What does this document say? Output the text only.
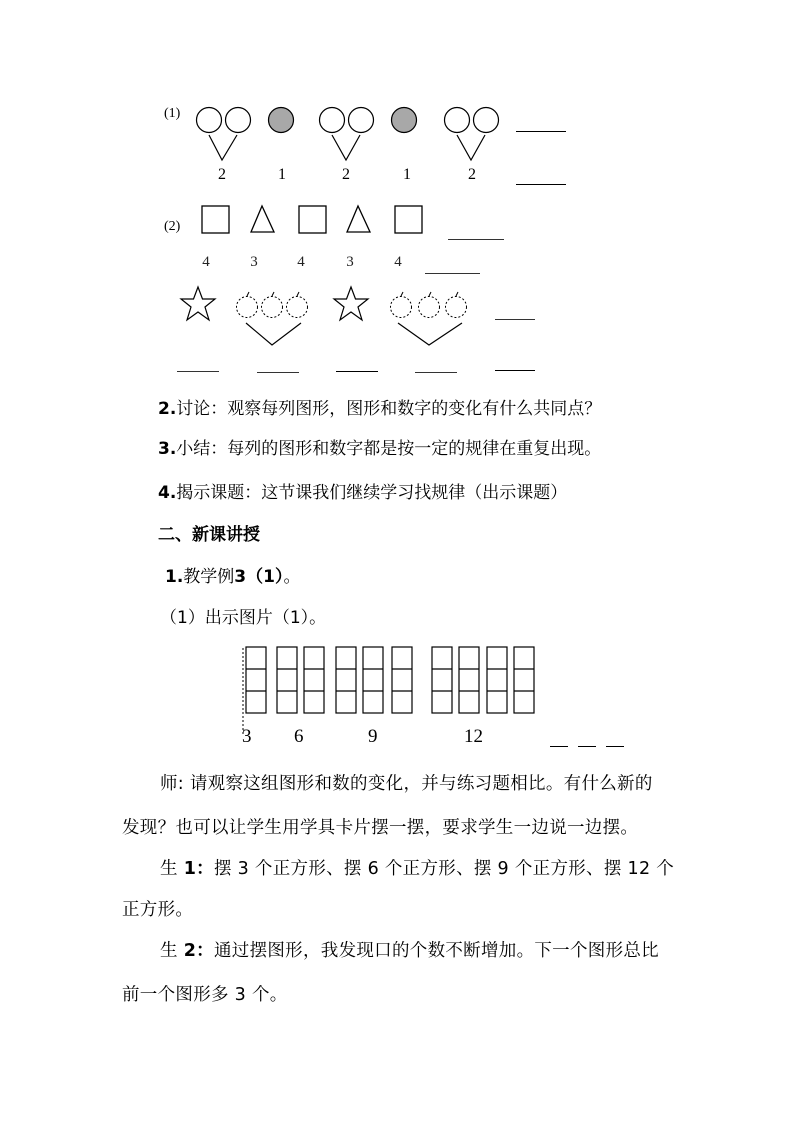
(1)
2	1	2	1	2
(2)
4	3	4	3	4
2.讨论：观察每列图形，图形和数字的变化有什么共同点？
3.小结：每列的图形和数字都是按一定的规律在重复出现。
4.揭示课题：这节课我们继续学习找规律（出示课题）
二、新课讲授
1.教学例3（1）。
（1）出示图片（1）。
3 6	9	12
师: 请观察这组图形和数的变化，并与练习题相比。有什么新的
发现？也可以让学生用学具卡片摆一摆，要求学生一边说一边摆。
生 1：摆 3 个正方形、摆 6 个正方形、摆 9 个正方形、摆 12 个
正方形。
生 2：通过摆图形，我发现口的个数不断增加。下一个图形总比
前一个图形多 3 个。
